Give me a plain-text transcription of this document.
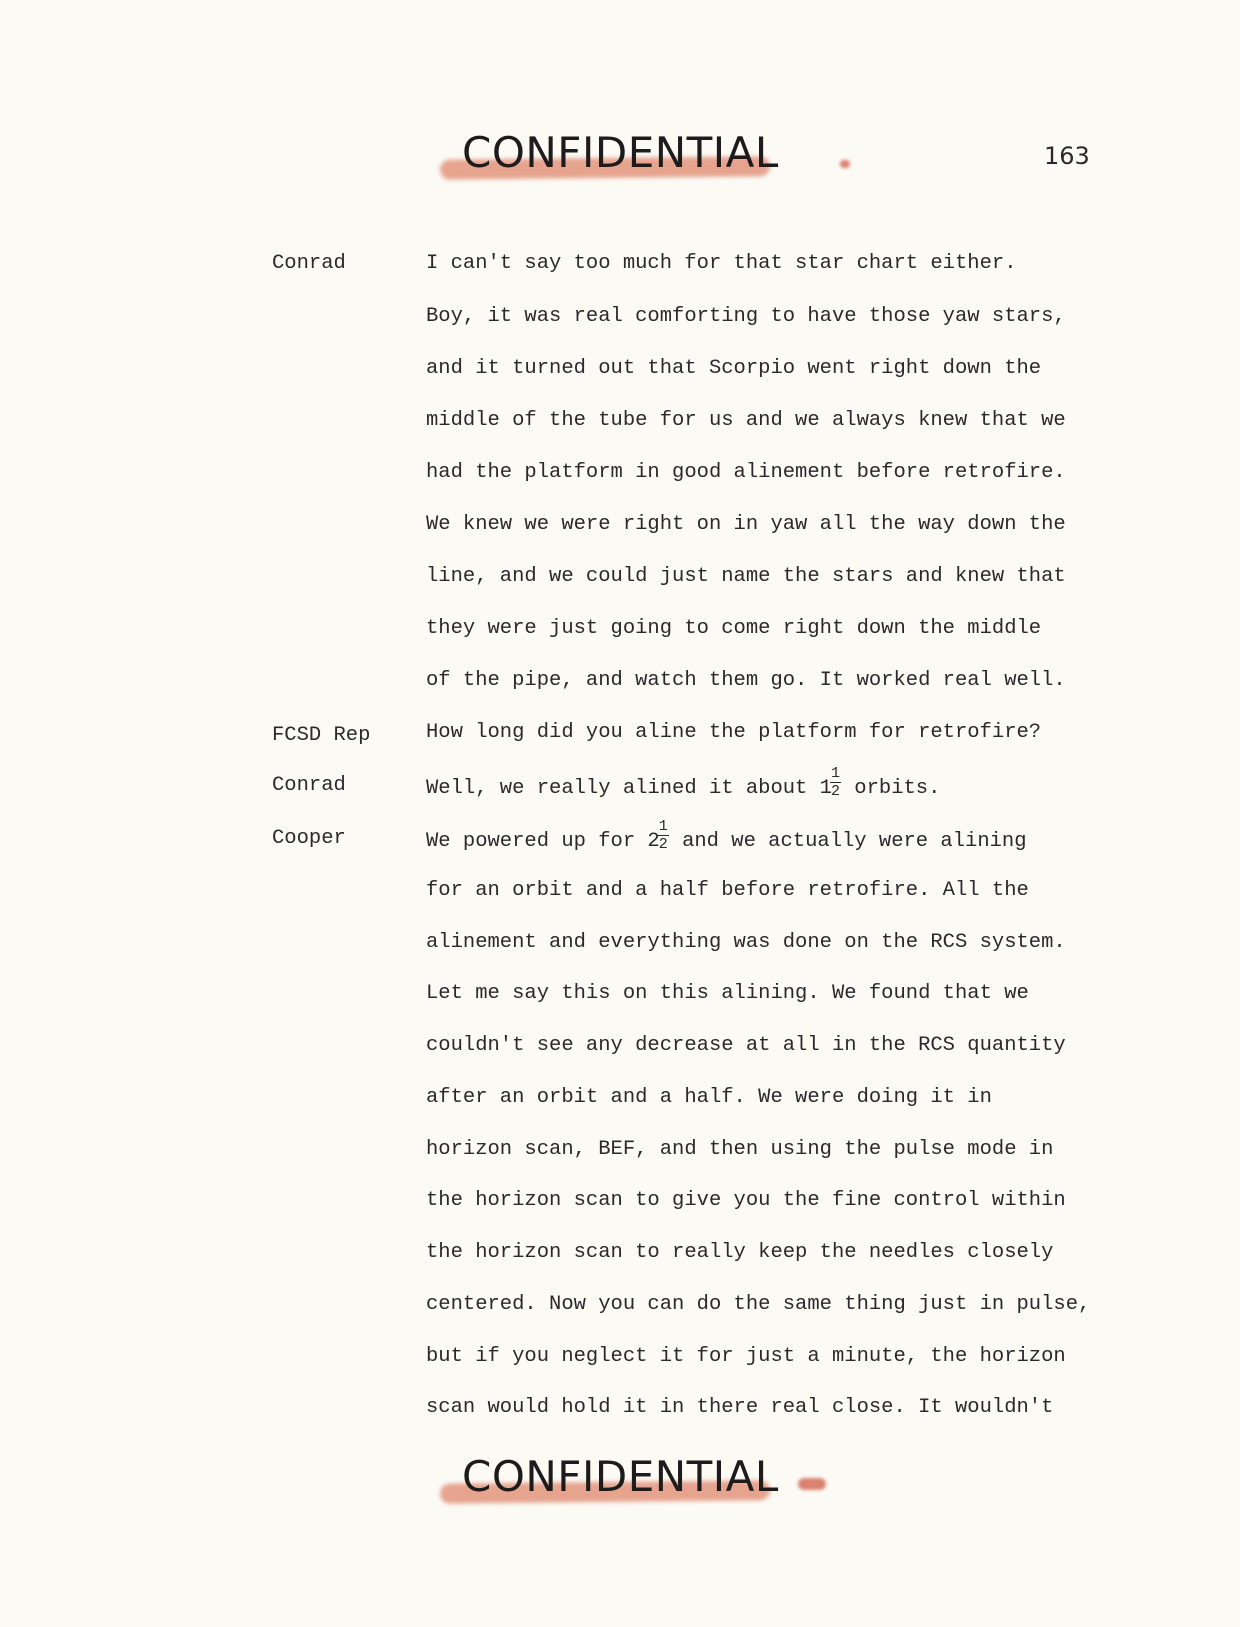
CONFIDENTIAL	163
Conrad
FCSD Rep
Conrad
Cooper
I can't say too much for that star chart either.
Boy, it was real comforting to have those yaw stars,
and it turned out that Scorpio went right down the
middle of the tube for us and we always knew that we
had the platform in good alinement before retrofire.
We knew we were right on in yaw all the way down the
line, and we could just name the stars and knew that
they were just going to come right down the middle
of the pipe, and watch them go. It worked real well.
How long did you aline the platform for retrofire?
Well, we really alined it about 1
$\frac{1}{2}$ orbits.
We powered up for 2
$\frac{1}{2}$ and we actually were alining
for an orbit and a half before retrofire. All the
alinement and everything was done on the RCS system.
Let me say this on this alining. We found that we
couldn't see any decrease at all in the RCS quantity
after an orbit and a half. We were doing it in
horizon scan, BEF, and then using the pulse mode in
the horizon scan to give you the fine control within
the horizon scan to really keep the needles closely
centered. Now you can do the same thing just in pulse,
but if you neglect it for just a minute, the horizon
scan would hold it in there real close. It wouldn't
CONFIDENTIAL
